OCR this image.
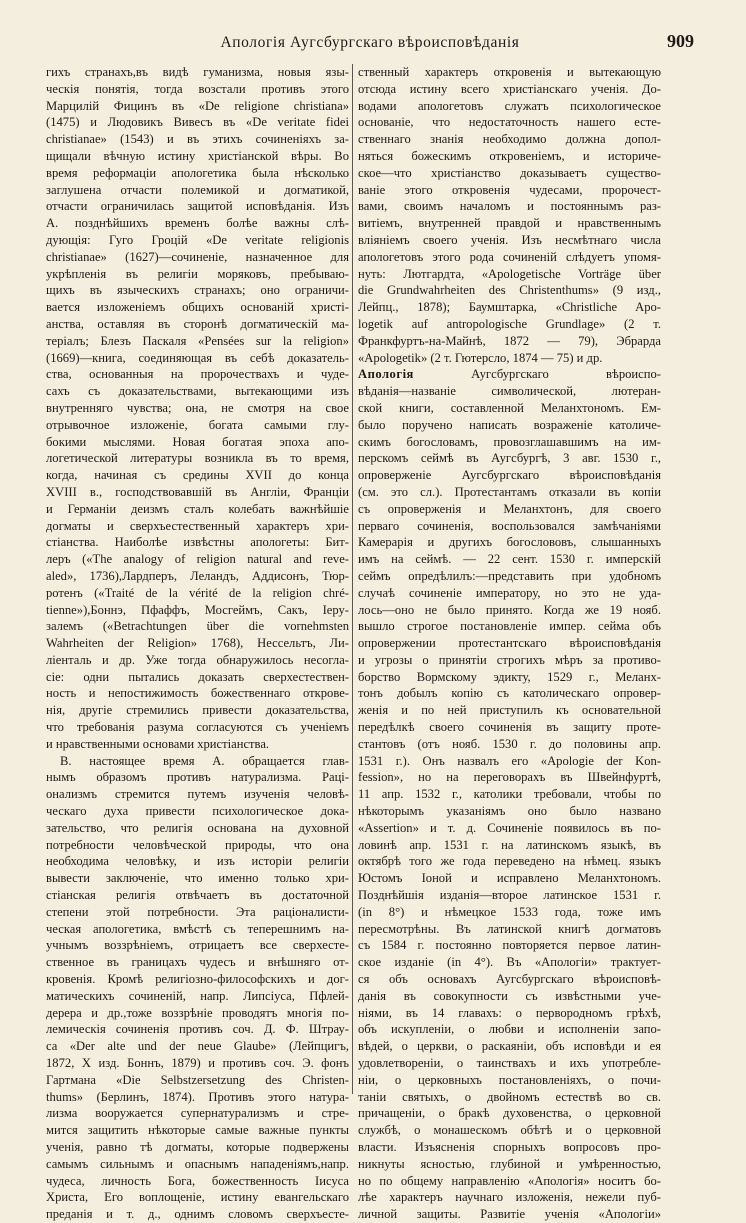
Апологія Аугсбургскаго вѣроисповѣданія	909
гихъ странахъ,въ видѣ гуманизма, новыя язы-
ческія понятія, тогда возстали противъ этого
Марцилій Фицинъ въ «De religione christiana»
(1475) и Людовикъ Вивесъ въ «De veritate fidei
christianae» (1543) и въ этихъ сочиненіяхъ за-
щищали вѣчную истину христіанской вѣры. Во
время реформаціи апологетика была нѣсколько
заглушена отчасти полемикой и догматикой,
отчасти ограничилась защитой исповѣданія. Изъ
А. позднѣйшихъ временъ болѣе важны слѣ-
дующія: Гуго Гроцій «De veritate religionis
christianae» (1627)—сочиненіе, назначенное для
укрѣпленія въ религіи моряковъ, пребываю-
щихъ въ языческихъ странахъ; оно ограничи-
вается изложеніемъ общихъ основаній христі-
анства, оставляя въ сторонѣ догматическій ма-
теріалъ; Блезъ Паскаля «Pensées sur la religion»
(1669)—книга, соединяющая въ себѣ доказатель-
ства, основанныя на пророчествахъ и чуде-
сахъ съ доказательствами, вытекающими изъ
внутренняго чувства; она, не смотря на свое
отрывочное изложеніе, богата самыми глу-
бокими мыслями. Новая богатая эпоха апо-
логетической литературы возникла въ то время,
когда, начиная съ средины XVII до конца
XVIII в., господствовавшій въ Англіи, Франціи
и Германіи деизмъ сталъ колебать важнѣйшіе
догматы и сверхъестественный характеръ хри-
стіанства. Наиболѣе извѣстны апологеты: Бит-
леръ («The analogy of religion natural and reve-
aled», 1736),Лардперъ, Леландъ, Аддисонъ, Тюр-
ротенъ («Traité de la vérité de la religion chré-
tienne»),Боннэ, Пфаффъ, Мосгеймъ, Сакъ, Іеру-
залемъ («Betrachtungen über die vornehmsten
Wahrheiten der Religion» 1768), Нессельтъ, Ли-
ліенталь и др. Уже тогда обнаружилось несогла-
сіе: одни пытались доказать сверхестествен-
ность и непостижимость божественнаго открове-
нія, другіе стремились привести доказательства,
что требованія разума согласуются съ ученіемъ
и нравственными основами христіанства.
В. настоящее время А. обращается глав-
нымъ образомъ противъ натурализма. Раці-
онализмъ стремится путемъ изученія человѣ-
ческаго духа привести психологическое дока-
зательство, что религія основана на духовной
потребности человѣческой природы, что она
необходима человѣку, и изъ исторіи религіи
вывести заключеніе, что именно только хри-
стіанская религія отвѣчаетъ въ достаточной
степени этой потребности. Эта раціоналисти-
ческая апологетика, вмѣстѣ съ теперешнимъ на-
учнымъ воззрѣніемъ, отрицаетъ все сверхесте-
ственное въ границахъ чудесъ и внѣшняго от-
кровенія. Кромѣ религіозно-философскихъ и дог-
матическихъ сочиненій, напр. Липсіуса, Пфлей-
дерера и др.,тоже воззрѣніе проводятъ многія по-
лемическія сочиненія противъ соч. Д. Ф. Штрау-
са «Der alte und der neue Glaube» (Лейпцигъ,
1872, X изд. Боннъ, 1879) и противъ соч. Э. фонъ
Гартмана «Die Selbstzersetzung des Christen-
thums» (Берлинъ, 1874). Противъ этого натура-
лизма вооружается супернатурализмъ и стре-
мится защитить нѣкоторые самые важные пункты
ученія, равно тѣ догматы, которые подвержены
самымъ сильнымъ и опаснымъ нападеніямъ,напр.
чудеса, личность Бога, божественность Іисуса
Христа, Его воплощеніе, истину евангельскаго
преданія и т. д., однимъ словомъ сверхъесте-
ственный характеръ откровенія и вытекающую
отсюда истину всего христіанскаго ученія. До-
водами апологетовъ служатъ психологическое
основаніе, что недостаточность нашего есте-
ственнаго знанія необходимо должна допол-
няться божескимъ откровеніемъ, и историче-
ское—что христіанство доказываетъ существо-
ваніе этого откровенія чудесами, пророчест-
вами, своимъ началомъ и постояннымъ раз-
витіемъ, внутренней правдой и нравственнымъ
вліяніемъ своего ученія. Изъ несмѣтнаго числа
апологетовъ этого рода сочиненій слѣдуетъ упомя-
нуть: Лютгардта, «Apologetische Vorträge über
die Grundwahrheiten des Christenthums» (9 изд.,
Лейпц., 1878); Баумштарка, «Christliche Apo-
logetik auf antropologische Grundlage» (2 т.
Франкфуртъ-на-Майнѣ, 1872 — 79), Эбрарда
«Apologetik» (2 т. Гютерсло, 1874 — 75) и др.
Апологія Аугсбургскаго вѣроиспо-
вѣданія—названіе символической, лютеран-
ской книги, составленной Меланхтономъ. Ем-
было поручено написать возраженіе католиче-
скимъ богословамъ, провозглашавшимъ на им-
перскомъ сеймѣ въ Аугсбургѣ, 3 авг. 1530 г.,
опроверженіе Аугсбургскаго вѣроисповѣданія
(см. это сл.). Протестантамъ отказали въ копіи
съ опроверженія и Меланхтонъ, для своего
перваго сочиненія, воспользовался замѣчаніями
Камерарія и другихъ богослововъ, слышанныхъ
имъ на сеймѣ. — 22 сент. 1530 г. имперскій
сеймъ опредѣлилъ:—представить при удобномъ
случаѣ сочиненіе императору, но это не уда-
лось—оно не было принято. Когда же 19 нояб.
вышло строгое постановленіе импер. сейма объ
опровержении протестантскаго вѣроисповѣданія
и угрозы о принятіи строгихъ мѣръ за противо-
борство Вормскому эдикту, 1529 г., Меланх-
тонъ добылъ копію съ католическаго опровер-
женія и по ней приступилъ къ основательной
передѣлкѣ своего сочиненія въ защиту проте-
стантовъ (отъ нояб. 1530 г. до половины апр.
1531 г.). Онъ назвалъ его «Apologie der Kon-
fession», но на переговорахъ въ Швейнфуртѣ,
11 апр. 1532 г., католики требовали, чтобы по
нѣкоторымъ указаніямъ оно было названо
«Assertion» и т. д. Сочиненіе появилось въ по-
ловинѣ апр. 1531 г. на латинскомъ языкѣ, въ
октябрѣ того же года переведено на нѣмец. языкъ
Юстомъ Іоной и исправлено Меланхтономъ.
Позднѣйшія изданія—второе латинское 1531 г.
(in 8°) и нѣмецкое 1533 года, тоже имъ
пересмотрѣны. Въ латинской книгѣ догматовъ
съ 1584 г. постоянно повторяется первое латин-
ское изданіе (in 4°). Въ «Апологіи» трактует-
ся объ основахъ Аугсбургскаго вѣроисповѣ-
данія въ совокупности съ извѣстными уче-
ніями, въ 14 главахъ: о первородномъ грѣхѣ,
объ искупленіи, о любви и исполненіи запо-
вѣдей, о церкви, о раскаяніи, объ исповѣди и ея
удовлетвореніи, о таинствахъ и ихъ употребле-
ніи, о церковныхъ постановленіяхъ, о почи-
таніи святыхъ, о двойномъ естествѣ во св.
причащеніи, о бракѣ духовенства, о церковной
службѣ, о монашескомъ обѣтѣ и о церковной
власти. Изъясненія спорныхъ вопросовъ про-
никнуты ясностью, глубиной и умѣренностью,
но по общему направленію «Апологія» носитъ бо-
лѣе характеръ научнаго изложенія, нежели пуб-
личной защиты. Развитіе ученія «Апологіи»
